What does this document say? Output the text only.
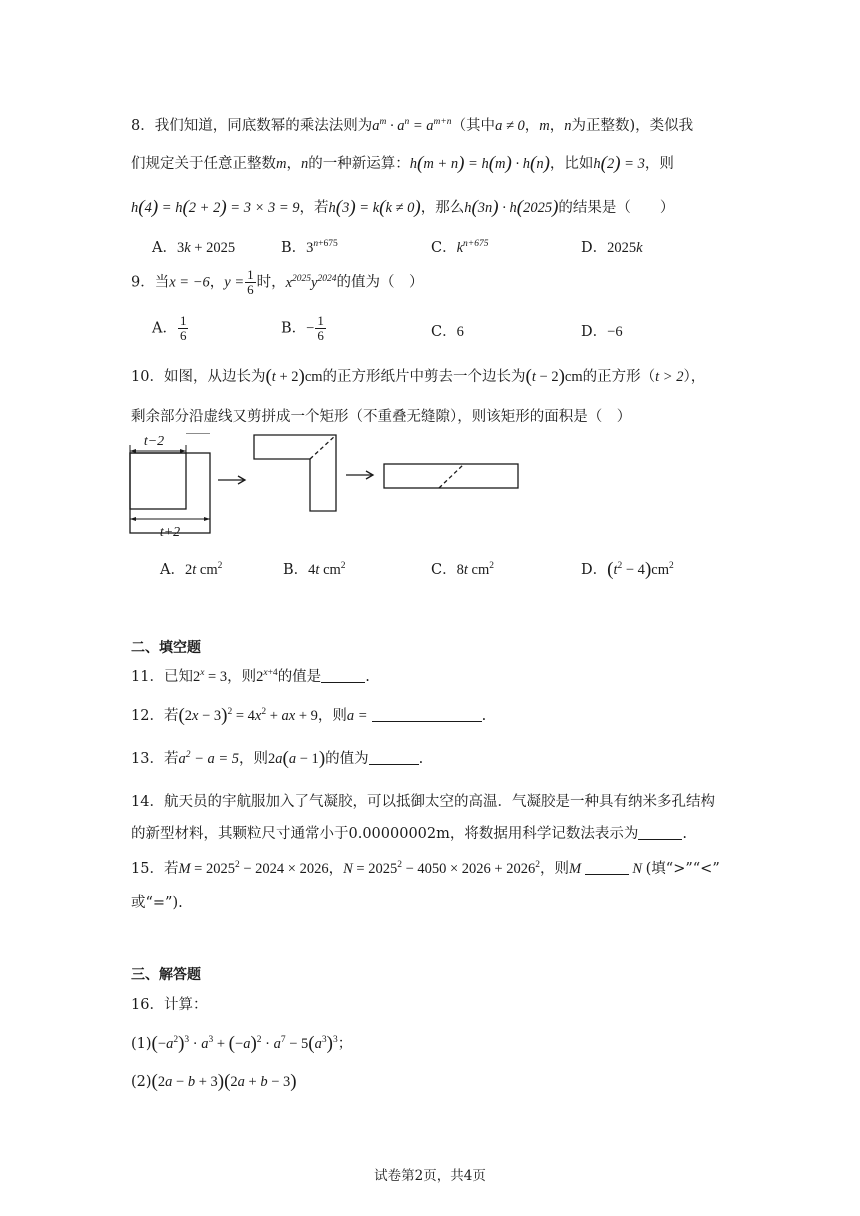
8．我们知道，同底数幂的乘法法则为$a^m \cdot a^n = a^{m+n}$（其中a ≠ 0，m，n为正整数)，类似我
们规定关于任意正整数m，n的一种新运算：h(m + n) = h(m) · h(n)，比如h(2) = 3，则
h(4) = h(2 + 2) = 3 × 3 = 9，若h(3) = k(k ≠ 0)，那么h(3n) · h(2025)的结果是（　　）
A．3k + 2025	B．$3^{n+675}$	C．$k^{n+675}$	D．2025k
9．当x = −6，$y = \frac{1}{6}$ 时，$x^{2025}y^{2024}$的值为（　）
A． $\frac{1}{6}$	B．− $\frac{1}{6}$	C．6	D．−6
10．如图，从边长为(t + 2)cm的正方形纸片中剪去一个边长为(t − 2)cm的正方形（t > 2），
剩余部分沿虚线又剪拼成一个矩形（不重叠无缝隙），则该矩形的面积是（　）
t−2
t+2
A．2t $cm^2$	B．4t $cm^2$	C．8t $cm^2$	D．$(t^2 - 4)cm^2$
二、填空题
11．已知$2^x = 3$，则$2^{x+4}$的值是	.
12．若$(2x - 3)^2 = 4x^2$ + ax + 9，则a =	.
13．若$a^2 - a = 5$，则2a(a − 1)的值为	.
14．航天员的宇航服加入了气凝胶，可以抵御太空的高温．气凝胶是一种具有纳米多孔结构
的新型材料，其颗粒尺寸通常小于0.00000002m，将数据用科学记数法表示为	.
15．若$M = 2025^2 - 2024 \times 2026$，$N = 2025^2 - 4050 \times 2026 + 2026^2$，则M	N (填“>”“<”
或“=”).
三、解答题
16．计算：
$(1)(-a^2)^3 \cdot a^3 + (-a)^2 \cdot a^7 - 5(a^3)^3$；
(2)(2a − b + 3)(2a + b − 3)
试卷第2页，共4页
